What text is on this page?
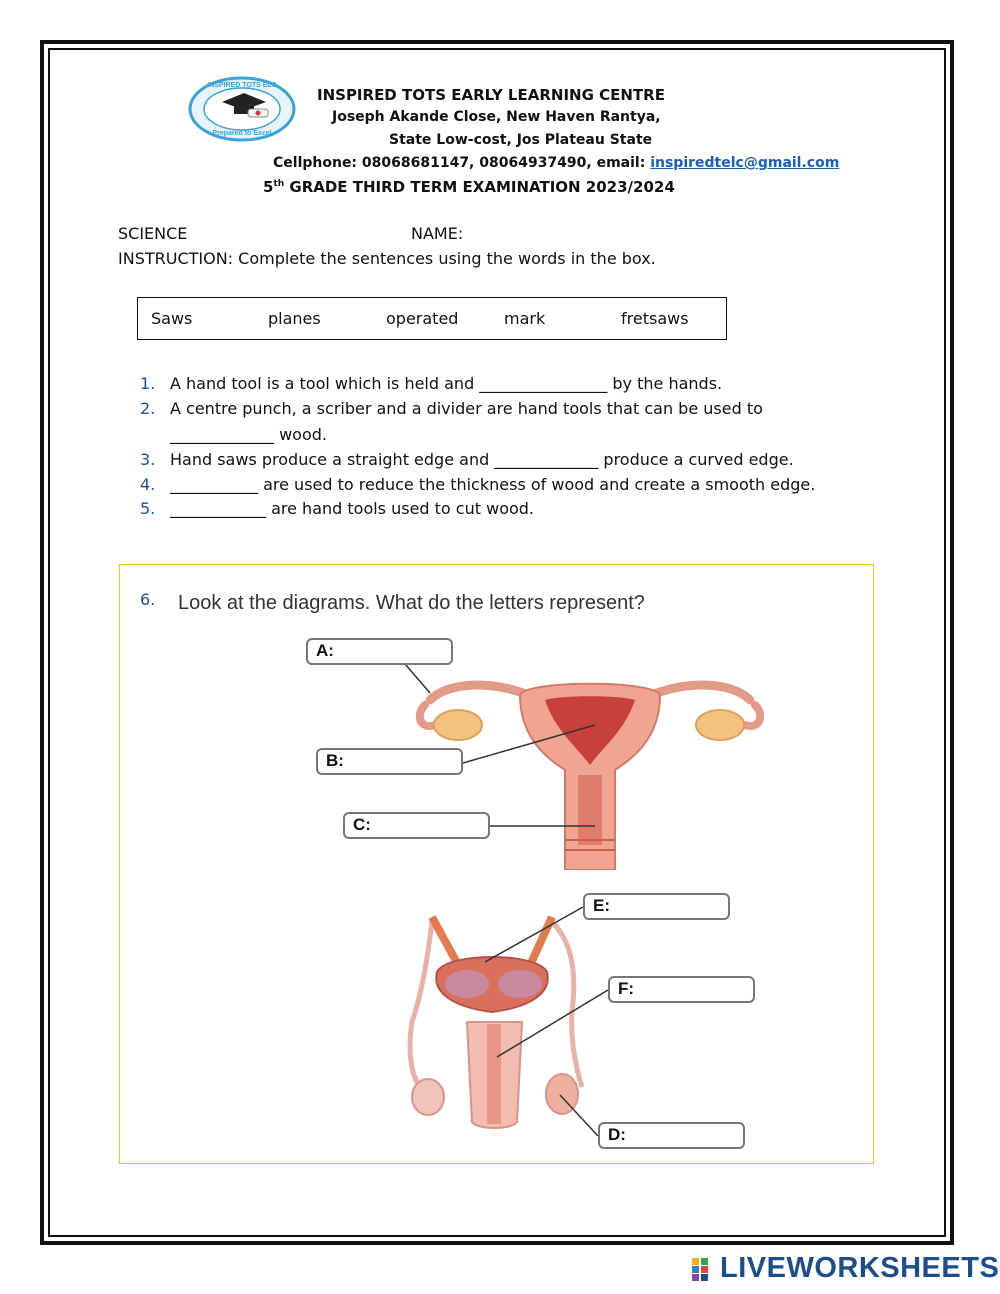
INSPIRED TOTS ELC
Prepared to Excel
INSPIRED TOTS EARLY LEARNING CENTRE
Joseph Akande Close, New Haven Rantya,
State Low-cost, Jos Plateau State
Cellphone: 08068681147, 08064937490, email: inspiredtelc@gmail.com
5th GRADE THIRD TERM EXAMINATION 2023/2024
SCIENCE	NAME:
INSTRUCTION: Complete the sentences using the words in the box.
Saws	planes	operated	mark	fretsaws
1. A hand tool is a tool which is held and ________________ by the hands.
2. A centre punch, a scriber and a divider are hand tools that can be used to
_____________ wood.
3. Hand saws produce a straight edge and _____________ produce a curved edge.
4. ___________ are used to reduce the thickness of wood and create a smooth edge.
5. ____________ are hand tools used to cut wood.
6. Look at the diagrams. What do the letters represent?
A:
B:
C:
E:
F:
D:
LIVEWORKSHEETS
